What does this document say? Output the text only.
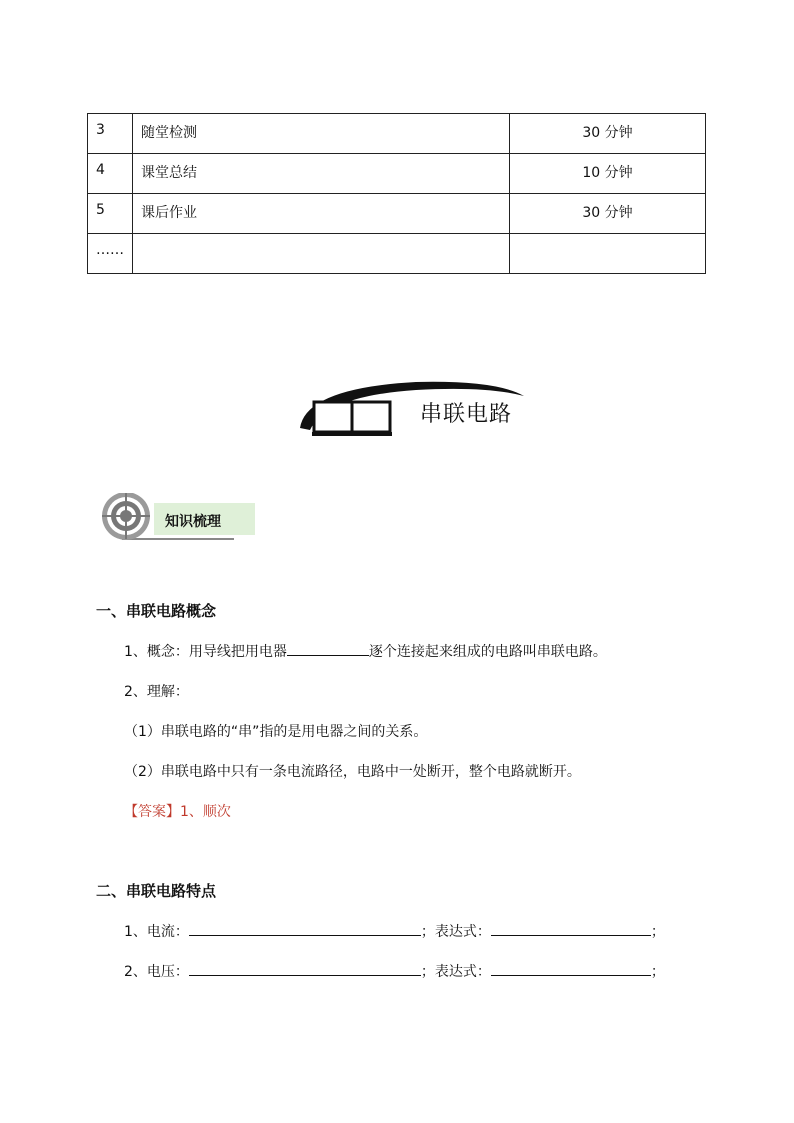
3	随堂检测	30 分钟
4	课堂总结	10 分钟
5	课后作业	30 分钟
……		
串联电路
知识梳理
一、串联电路概念
1、概念：用导线把用电器	逐个连接起来组成的电路叫串联电路。
2、理解：
（1）串联电路的“串”指的是用电器之间的关系。
（2）串联电路中只有一条电流路径，电路中一处断开，整个电路就断开。
【答案】1、顺次
二、串联电路特点
1、电流：	；表达式：	；
2、电压：	；表达式：	；
